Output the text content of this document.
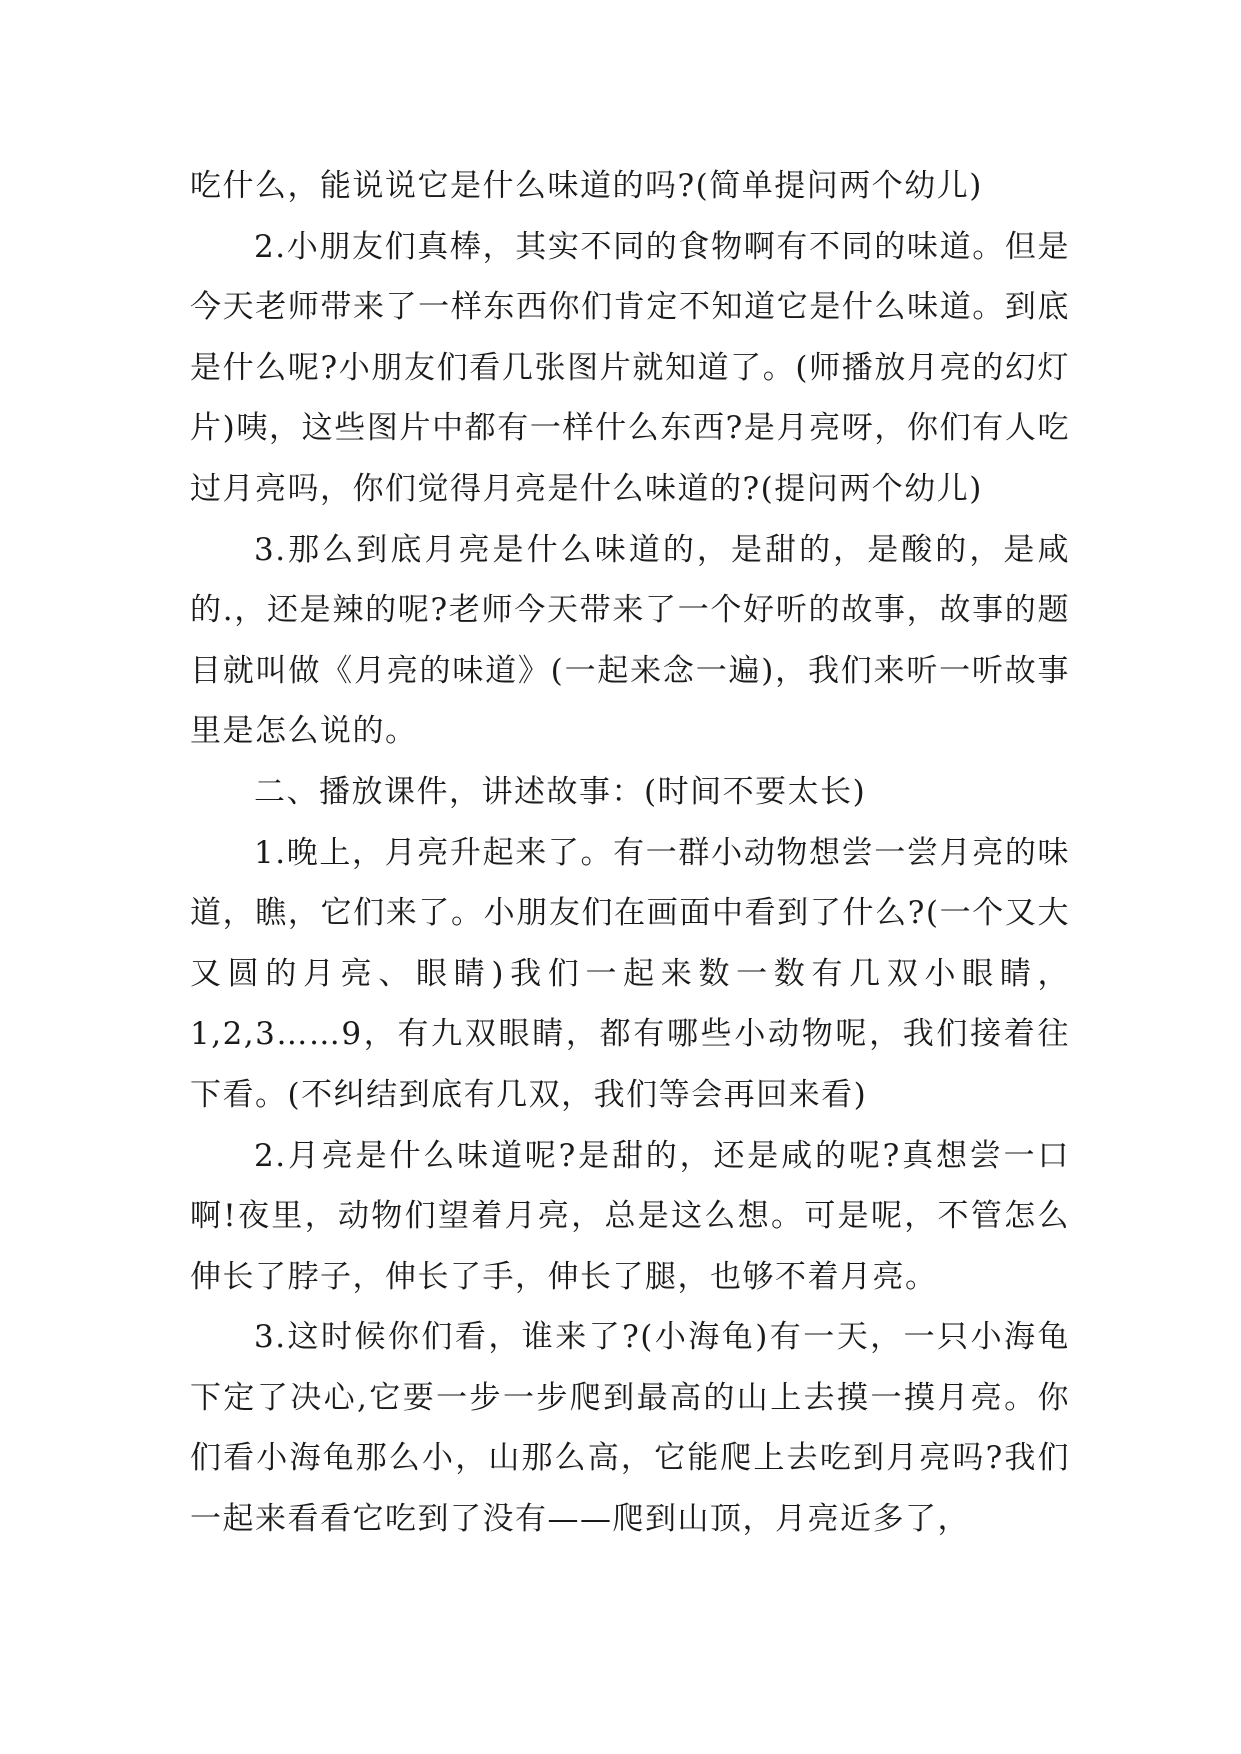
吃什么，能说说它是什么味道的吗?(简单提问两个幼儿)

2.小朋友们真棒，其实不同的食物啊有不同的味道。但是今天老师带来了一样东西你们肯定不知道它是什么味道。到底是什么呢?小朋友们看几张图片就知道了。(师播放月亮的幻灯片)咦，这些图片中都有一样什么东西?是月亮呀，你们有人吃过月亮吗，你们觉得月亮是什么味道的?(提问两个幼儿)

3.那么到底月亮是什么味道的，是甜的，是酸的，是咸的.，还是辣的呢?老师今天带来了一个好听的故事，故事的题目就叫做《月亮的味道》(一起来念一遍)，我们来听一听故事里是怎么说的。

二、播放课件，讲述故事：(时间不要太长)

1.晚上，月亮升起来了。有一群小动物想尝一尝月亮的味道，瞧，它们来了。小朋友们在画面中看到了什么?(一个又大又圆的月亮、眼睛)我们一起来数一数有几双小眼睛，1,2,3……9，有九双眼睛，都有哪些小动物呢，我们接着往下看。(不纠结到底有几双，我们等会再回来看)

2.月亮是什么味道呢?是甜的，还是咸的呢?真想尝一口啊!夜里，动物们望着月亮，总是这么想。可是呢，不管怎么伸长了脖子，伸长了手，伸长了腿，也够不着月亮。

3.这时候你们看，谁来了?(小海龟)有一天，一只小海龟下定了决心,它要一步一步爬到最高的山上去摸一摸月亮。你们看小海龟那么小，山那么高，它能爬上去吃到月亮吗?我们一起来看看它吃到了没有——爬到山顶，月亮近多了，
